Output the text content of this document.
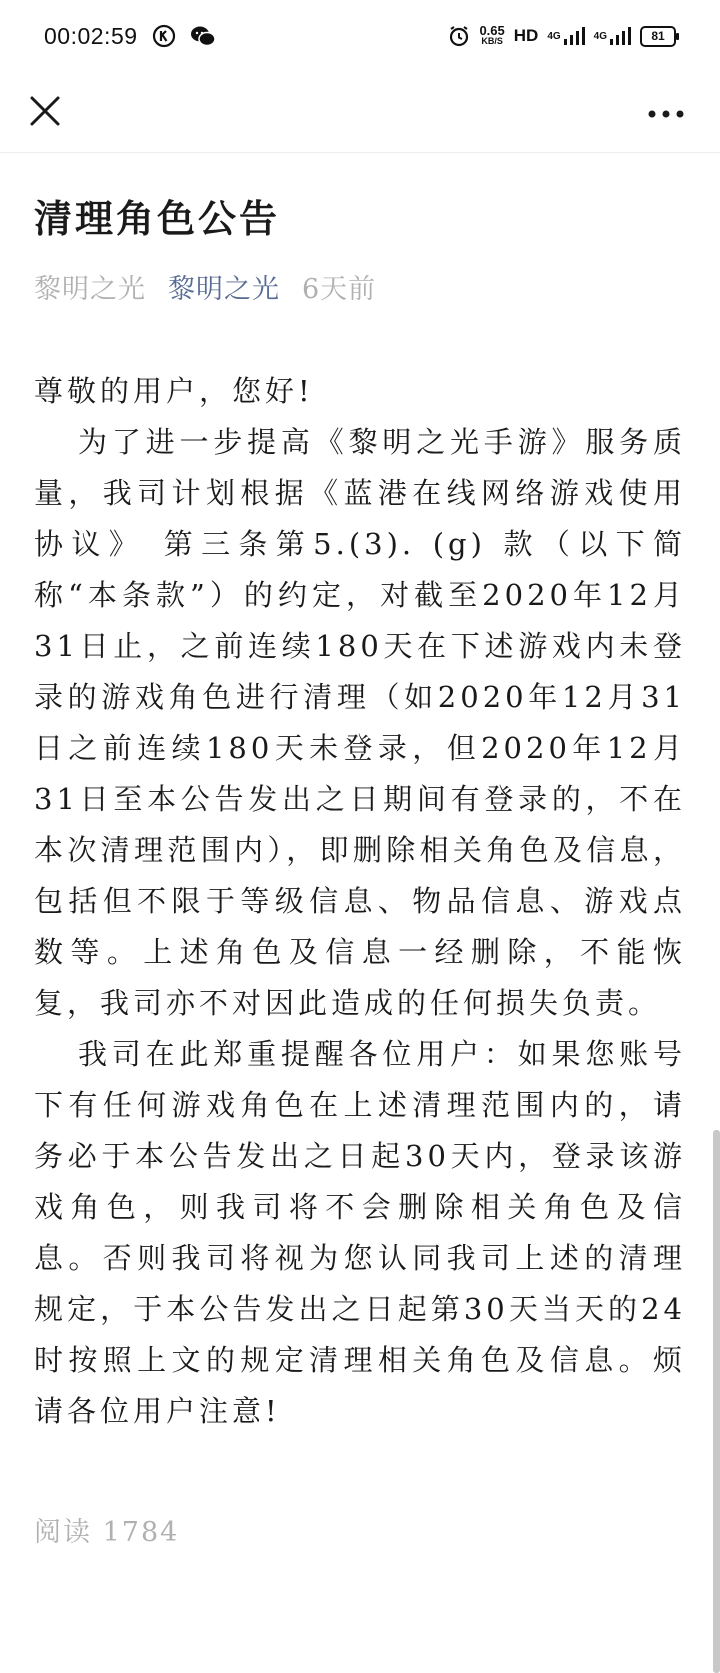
00:02:59	0.65
KB/S HD 4G	4G	81
清理角色公告
黎明之光 黎明之光 6天前

尊敬的用户，您好!

为了进一步提高《黎明之光手游》服务质量，我司计划根据《蓝港在线网络游戏使用协议》 第三条第5.(3). (g) 款（以下简称“本条款”）的约定，对截至2020年12月31日止，之前连续180天在下述游戏内未登录的游戏角色进行清理（如2020年12月31日之前连续180天未登录，但2020年12月31日至本公告发出之日期间有登录的，不在本次清理范围内），即删除相关角色及信息，包括但不限于等级信息、物品信息、游戏点数等。上述角色及信息一经删除，不能恢复，我司亦不对因此造成的任何损失负责。

我司在此郑重提醒各位用户：如果您账号下有任何游戏角色在上述清理范围内的，请务必于本公告发出之日起30天内，登录该游戏角色，则我司将不会删除相关角色及信息。否则我司将视为您认同我司上述的清理规定，于本公告发出之日起第30天当天的24时按照上文的规定清理相关角色及信息。烦请各位用户注意!

阅读 1784
